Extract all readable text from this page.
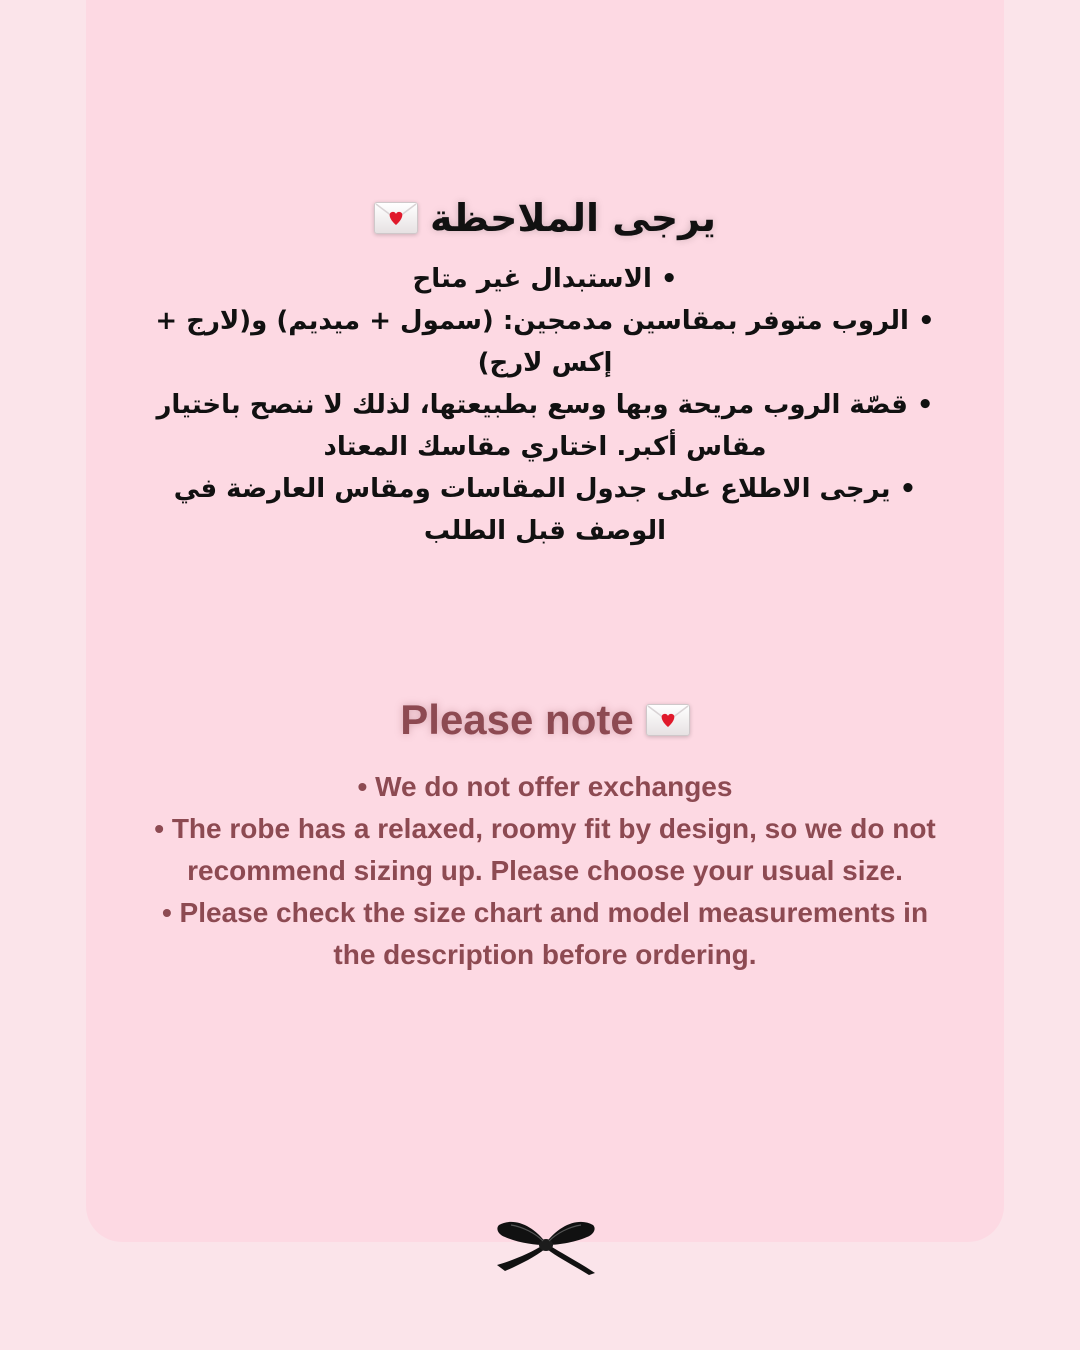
يرجى الملاحظة
• الاستبدال غير متاح
• الروب متوفر بمقاسين مدمجين: (سمول + ميديم) و(لارج + إكس لارج)
• قصّة الروب مريحة وبها وسع بطبيعتها، لذلك لا ننصح باختيار مقاس أكبر. اختاري مقاسك المعتاد
• يرجى الاطلاع على جدول المقاسات ومقاس العارضة في الوصف قبل الطلب
Please note
• We do not offer exchanges
• The robe has a relaxed, roomy fit by design, so we do not recommend sizing up. Please choose your usual size.
• Please check the size chart and model measurements in the description before ordering.
